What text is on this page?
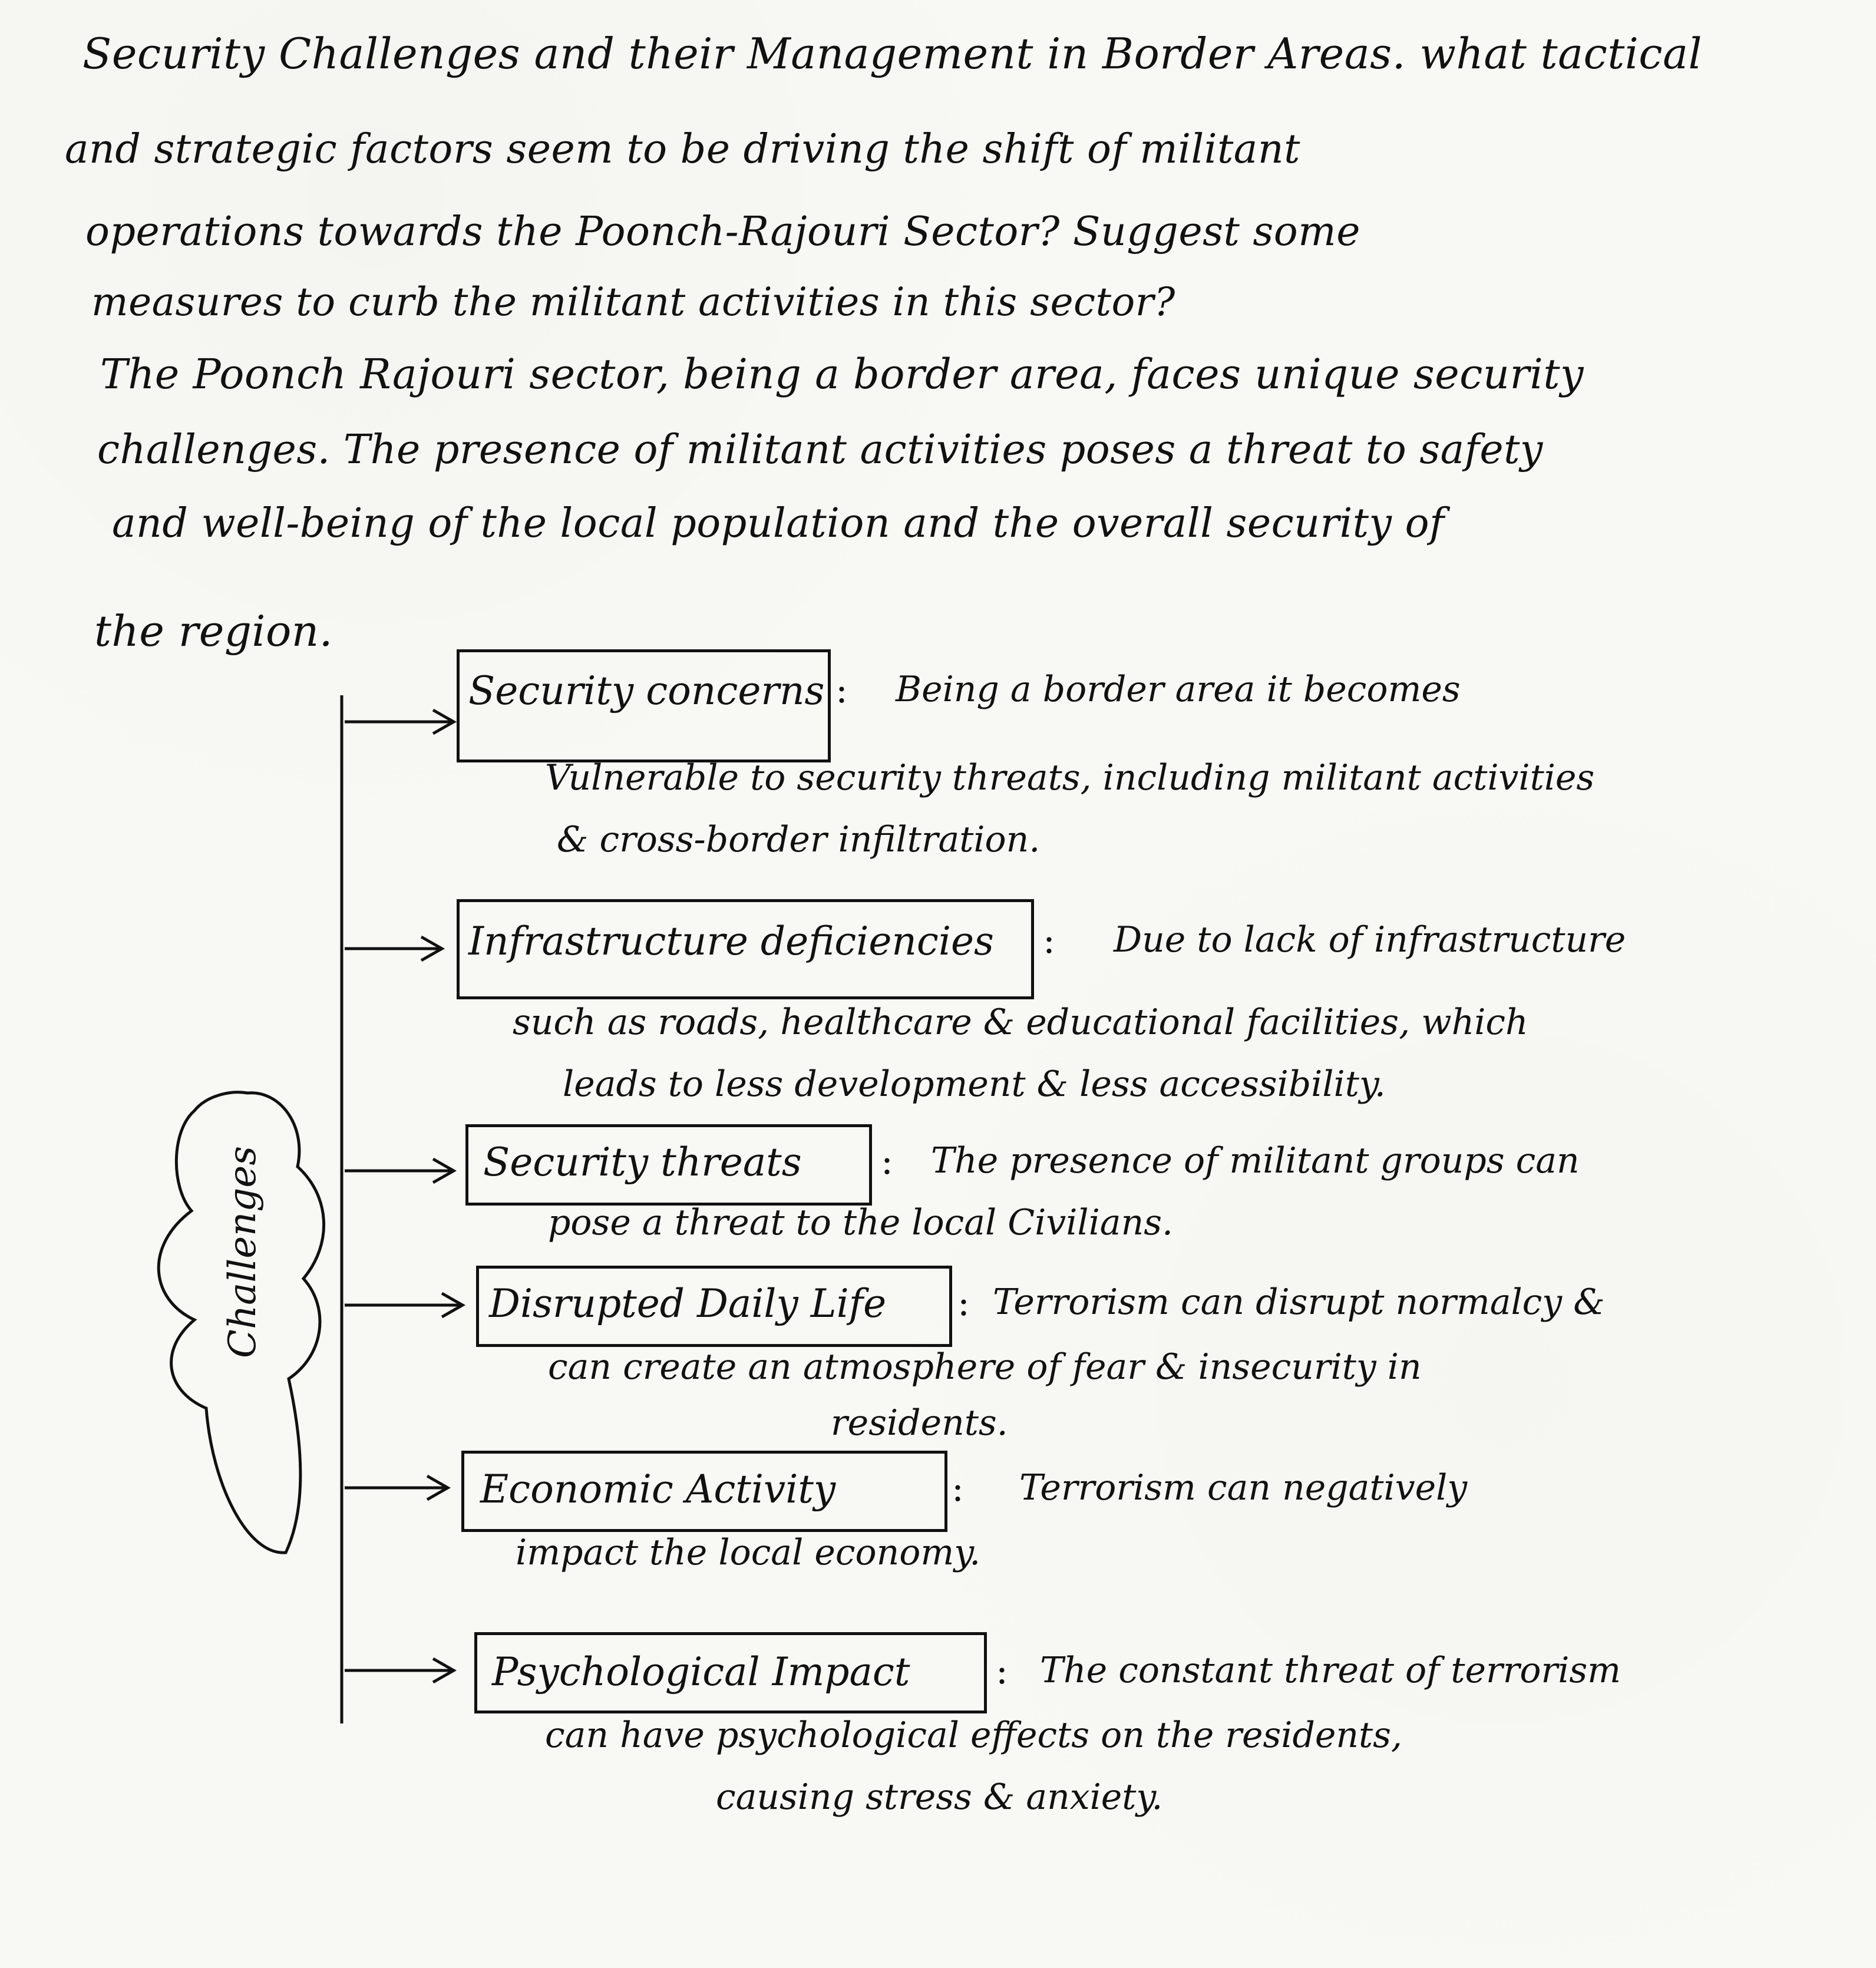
Security Challenges and their Management in Border Areas. what tactical
and strategic factors seem to be driving the shift of militant
operations towards the Poonch-Rajouri Sector? Suggest some
measures to curb the militant activities in this sector?
The Poonch Rajouri sector, being a border area, faces unique security
challenges. The presence of militant activities poses a threat to safety
and well-being of the local population and the overall security of
the region.
Challenges
Security concerns : Being a border area it becomes
Vulnerable to security threats, including militant activities
& cross-border infiltration.
Infrastructure deficiencies : Due to lack of infrastructure
such as roads, healthcare & educational facilities, which
leads to less development & less accessibility.
Security threats : The presence of militant groups can
pose a threat to the local Civilians.
Disrupted Daily Life : Terrorism can disrupt normalcy &
can create an atmosphere of fear & insecurity in
residents.
Economic Activity	: Terrorism can negatively
impact the local economy.
Psychological Impact : The constant threat of terrorism
can have psychological effects on the residents,
causing stress & anxiety.
